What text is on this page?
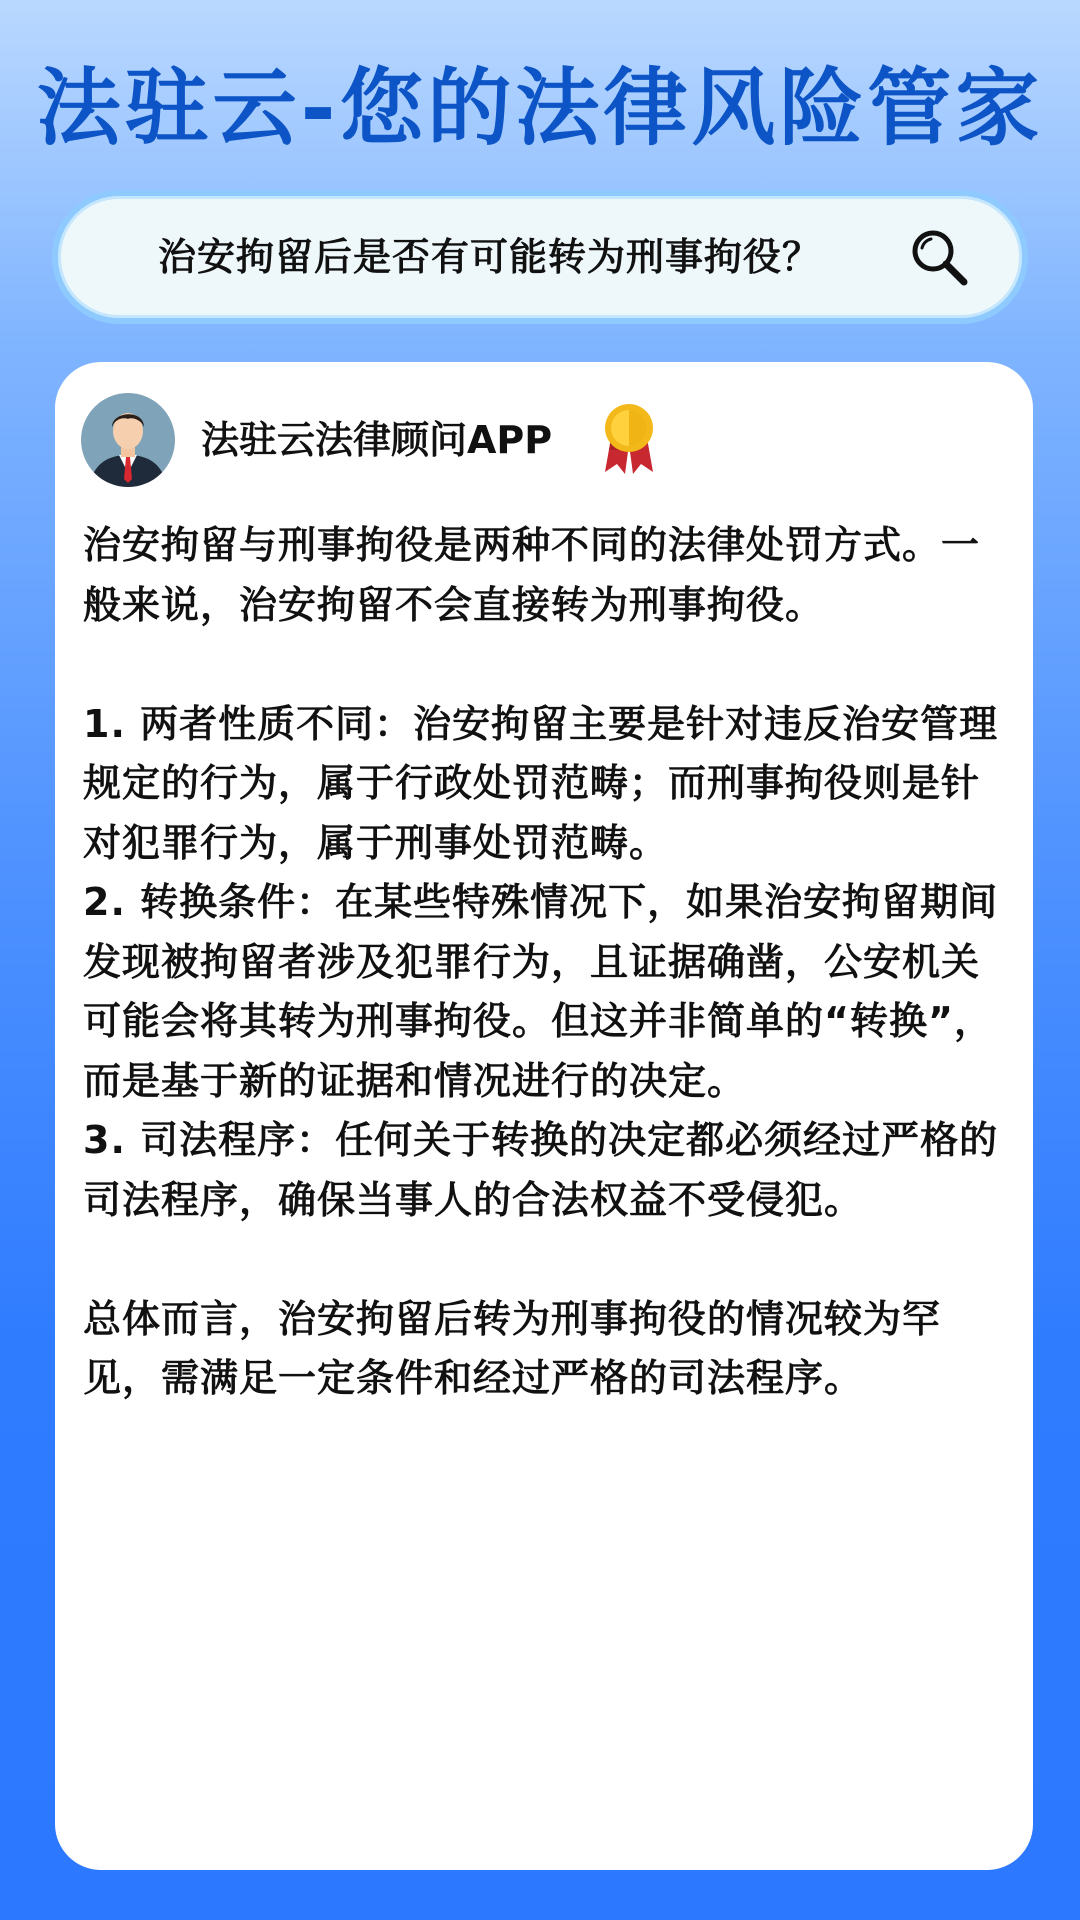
法驻云-您的法律风险管家
治安拘留后是否有可能转为刑事拘役？
法驻云法律顾问APP

治安拘留与刑事拘役是两种不同的法律处罚方式。一般来说，治安拘留不会直接转为刑事拘役。

1. 两者性质不同：治安拘留主要是针对违反治安管理规定的行为，属于行政处罚范畴；而刑事拘役则是针对犯罪行为，属于刑事处罚范畴。

2. 转换条件：在某些特殊情况下，如果治安拘留期间发现被拘留者涉及犯罪行为，且证据确凿，公安机关可能会将其转为刑事拘役。但这并非简单的“转换”，而是基于新的证据和情况进行的决定。

3. 司法程序：任何关于转换的决定都必须经过严格的司法程序，确保当事人的合法权益不受侵犯。

总体而言，治安拘留后转为刑事拘役的情况较为罕见，需满足一定条件和经过严格的司法程序。
